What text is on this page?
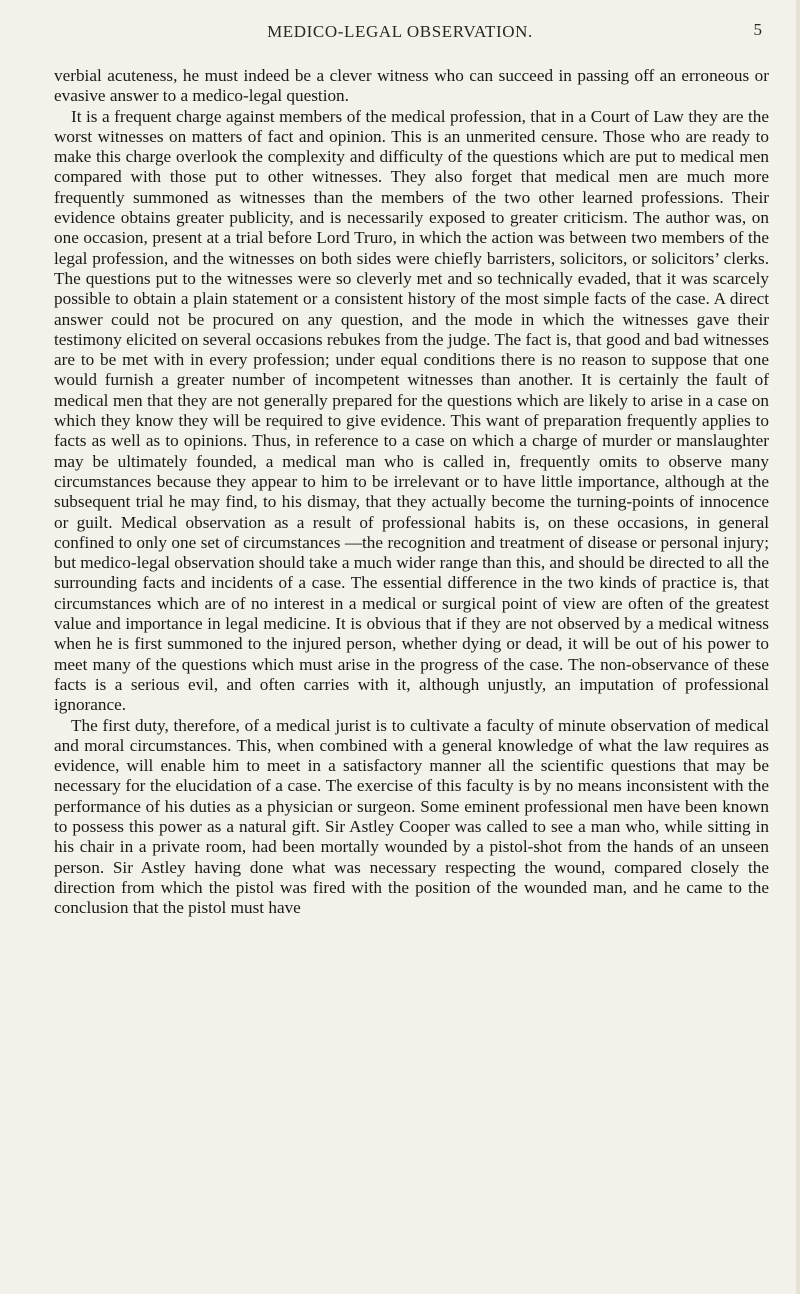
MEDICO-LEGAL OBSERVATION.	5

verbial acuteness, he must indeed be a clever witness who can succeed in passing off an erroneous or evasive answer to a medico-legal question.

It is a frequent charge against members of the medical profession, that in a Court of Law they are the worst witnesses on matters of fact and opinion. This is an unmerited censure. Those who are ready to make this charge overlook the complexity and difficulty of the questions which are put to medical men compared with those put to other witnesses. They also forget that medical men are much more frequently summoned as witnesses than the members of the two other learned professions. Their evidence obtains greater publicity, and is necessarily exposed to greater criticism. The author was, on one occasion, present at a trial before Lord Truro, in which the action was between two members of the legal profession, and the witnesses on both sides were chiefly barristers, solicitors, or solicitors’ clerks. The questions put to the witnesses were so cleverly met and so technically evaded, that it was scarcely possible to obtain a plain statement or a consistent history of the most simple facts of the case. A direct answer could not be procured on any question, and the mode in which the witnesses gave their testimony elicited on several occasions rebukes from the judge. The fact is, that good and bad witnesses are to be met with in every profession; under equal conditions there is no reason to suppose that one would furnish a greater number of incompetent witnesses than another. It is certainly the fault of medical men that they are not generally prepared for the questions which are likely to arise in a case on which they know they will be required to give evidence. This want of preparation frequently applies to facts as well as to opinions. Thus, in reference to a case on which a charge of murder or manslaughter may be ultimately founded, a medical man who is called in, frequently omits to observe many circumstances because they appear to him to be irrelevant or to have little importance, although at the subsequent trial he may find, to his dismay, that they actually become the turning-points of innocence or guilt. Medical observation as a result of professional habits is, on these occasions, in general confined to only one set of circumstances —the recognition and treatment of disease or personal injury; but medico-legal observation should take a much wider range than this, and should be directed to all the surrounding facts and incidents of a case. The essential difference in the two kinds of practice is, that circumstances which are of no interest in a medical or surgical point of view are often of the greatest value and importance in legal medicine. It is obvious that if they are not observed by a medical witness when he is first summoned to the injured person, whether dying or dead, it will be out of his power to meet many of the questions which must arise in the progress of the case. The non-observance of these facts is a serious evil, and often carries with it, although unjustly, an imputation of professional ignorance.

The first duty, therefore, of a medical jurist is to cultivate a faculty of minute observation of medical and moral circumstances. This, when combined with a general knowledge of what the law requires as evidence, will enable him to meet in a satisfactory manner all the scientific questions that may be necessary for the elucidation of a case. The exercise of this faculty is by no means inconsistent with the performance of his duties as a physician or surgeon. Some eminent professional men have been known to possess this power as a natural gift. Sir Astley Cooper was called to see a man who, while sitting in his chair in a private room, had been mortally wounded by a pistol-shot from the hands of an unseen person. Sir Astley having done what was necessary respecting the wound, compared closely the direction from which the pistol was fired with the position of the wounded man, and he came to the conclusion that the pistol must have
